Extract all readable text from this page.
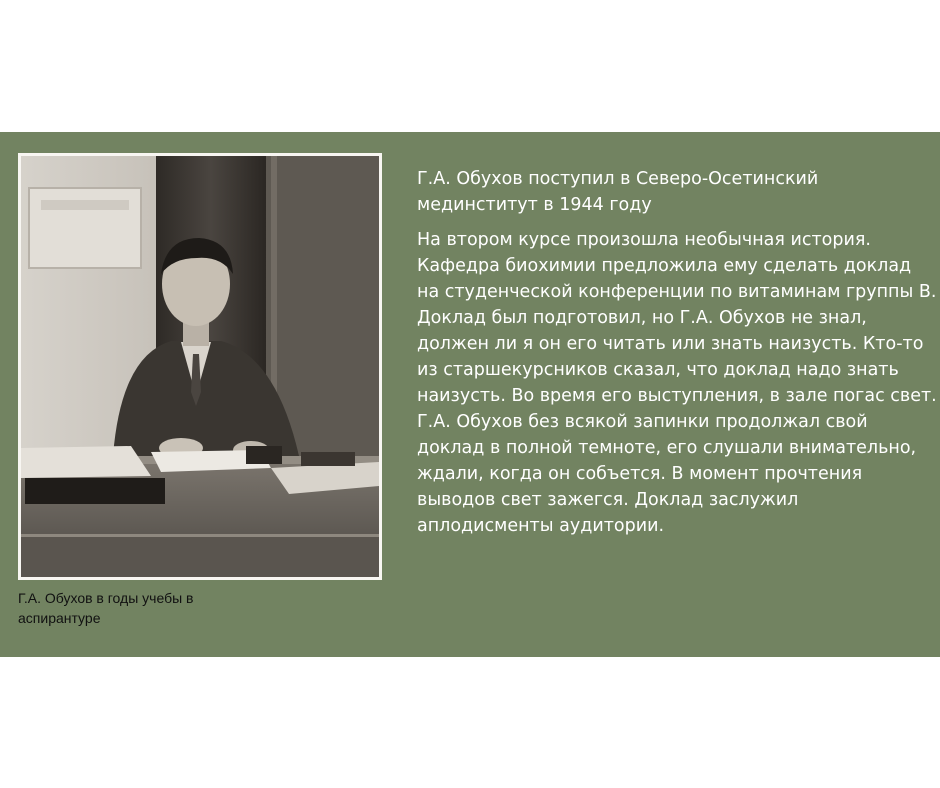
Г.А. Обухов в годы учебы в аспирантуре

Г.А. Обухов поступил в Северо-Осетинский мединститут в 1944 году

На втором курсе произошла необычная история. Кафедра биохимии предложила ему сделать доклад на студенческой конференции по витаминам группы В. Доклад был подготовил, но Г.А. Обухов не знал, должен ли я он его читать или знать наизусть. Кто-то из старшекурсников сказал, что доклад надо знать наизусть. Во время его выступления, в зале погас свет. Г.А. Обухов без всякой запинки продолжал свой доклад в полной темноте, его слушали внимательно, ждали, когда он собъется. В момент прочтения выводов свет зажегся. Доклад заслужил аплодисменты аудитории.
